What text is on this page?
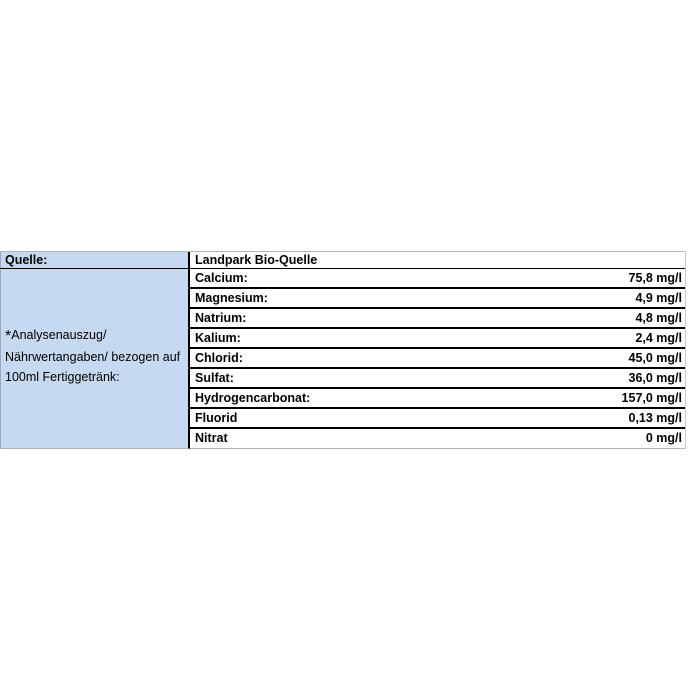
Quelle:	Landpark Bio-Quelle
*Analysenauszug/ Nährwertangaben/ bezogen auf 100ml Fertiggetränk:
Calcium:	75,8 mg/l
Magnesium:	4,9 mg/l
Natrium:	4,8 mg/l
Kalium:	2,4 mg/l
Chlorid:	45,0 mg/l
Sulfat:	36,0 mg/l
Hydrogencarbonat:	157,0 mg/l
Fluorid	0,13 mg/l
Nitrat	0 mg/l
